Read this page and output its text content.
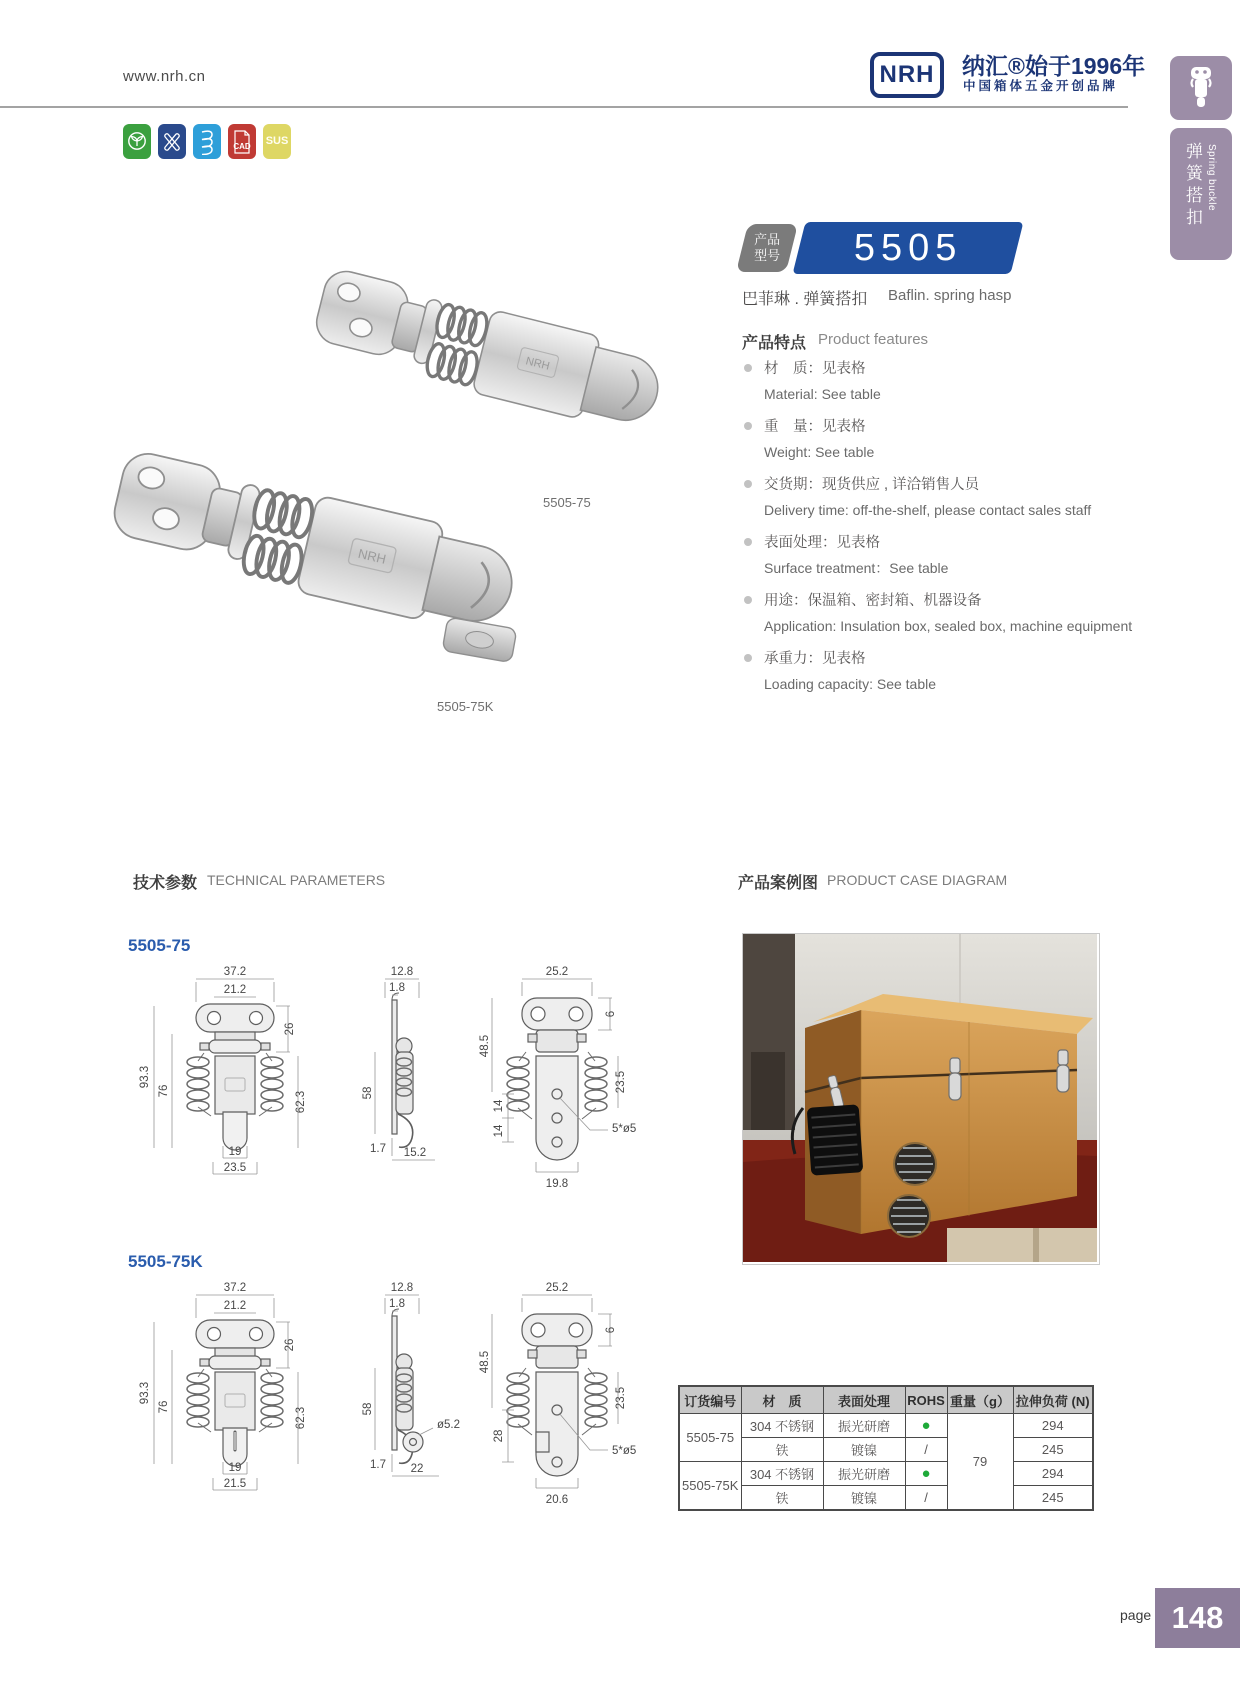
www.nrh.cn	NRH 纳汇®始于1996年
中国箱体五金开创品牌
CAD	SUS
弹簧搭扣 Spring buckle
产品
型号 5505
巴菲琳 . 弹簧搭扣 Baflin. spring hasp
产品特点 Product features
材　质：见表格
Material: See table
重　量：见表格
Weight: See table
交货期：现货供应 , 详洽销售人员
Delivery time: off-the-shelf, please contact sales staff
表面处理：见表格
Surface treatment：See table
用途：保温箱、密封箱、机器设备
Application: Insulation box, sealed box, machine equipment
承重力：见表格
Loading capacity: See table
5505-75
5505-75K
技术参数 TECHNICAL PARAMETERS	产品案例图 PRODUCT CASE DIAGRAM
5505-75
37.2
21.2
26
62.3
93.3
76
19
23.5
12.8
1.8
58
1.7 15.2
25.2
6
48.5
23.5
14
14	5*ø5
19.8
5505-75K
37.2
21.2
26
62.3
93.3
76
19
21.5
12.8
1.8
58
ø5.2
1.7 22
25.2
6
48.5
23.5
28
5*ø5
20.6
订货编号	材　质	表面处理	ROHS	重量（g）	拉伸负荷 (N)
5505-75	304 不锈钢	振光研磨	●	79	294
	铁	镀镍	/		245
5505-75K	304 不锈钢	振光研磨	●		294
	铁	镀镍	/		245
page 148
